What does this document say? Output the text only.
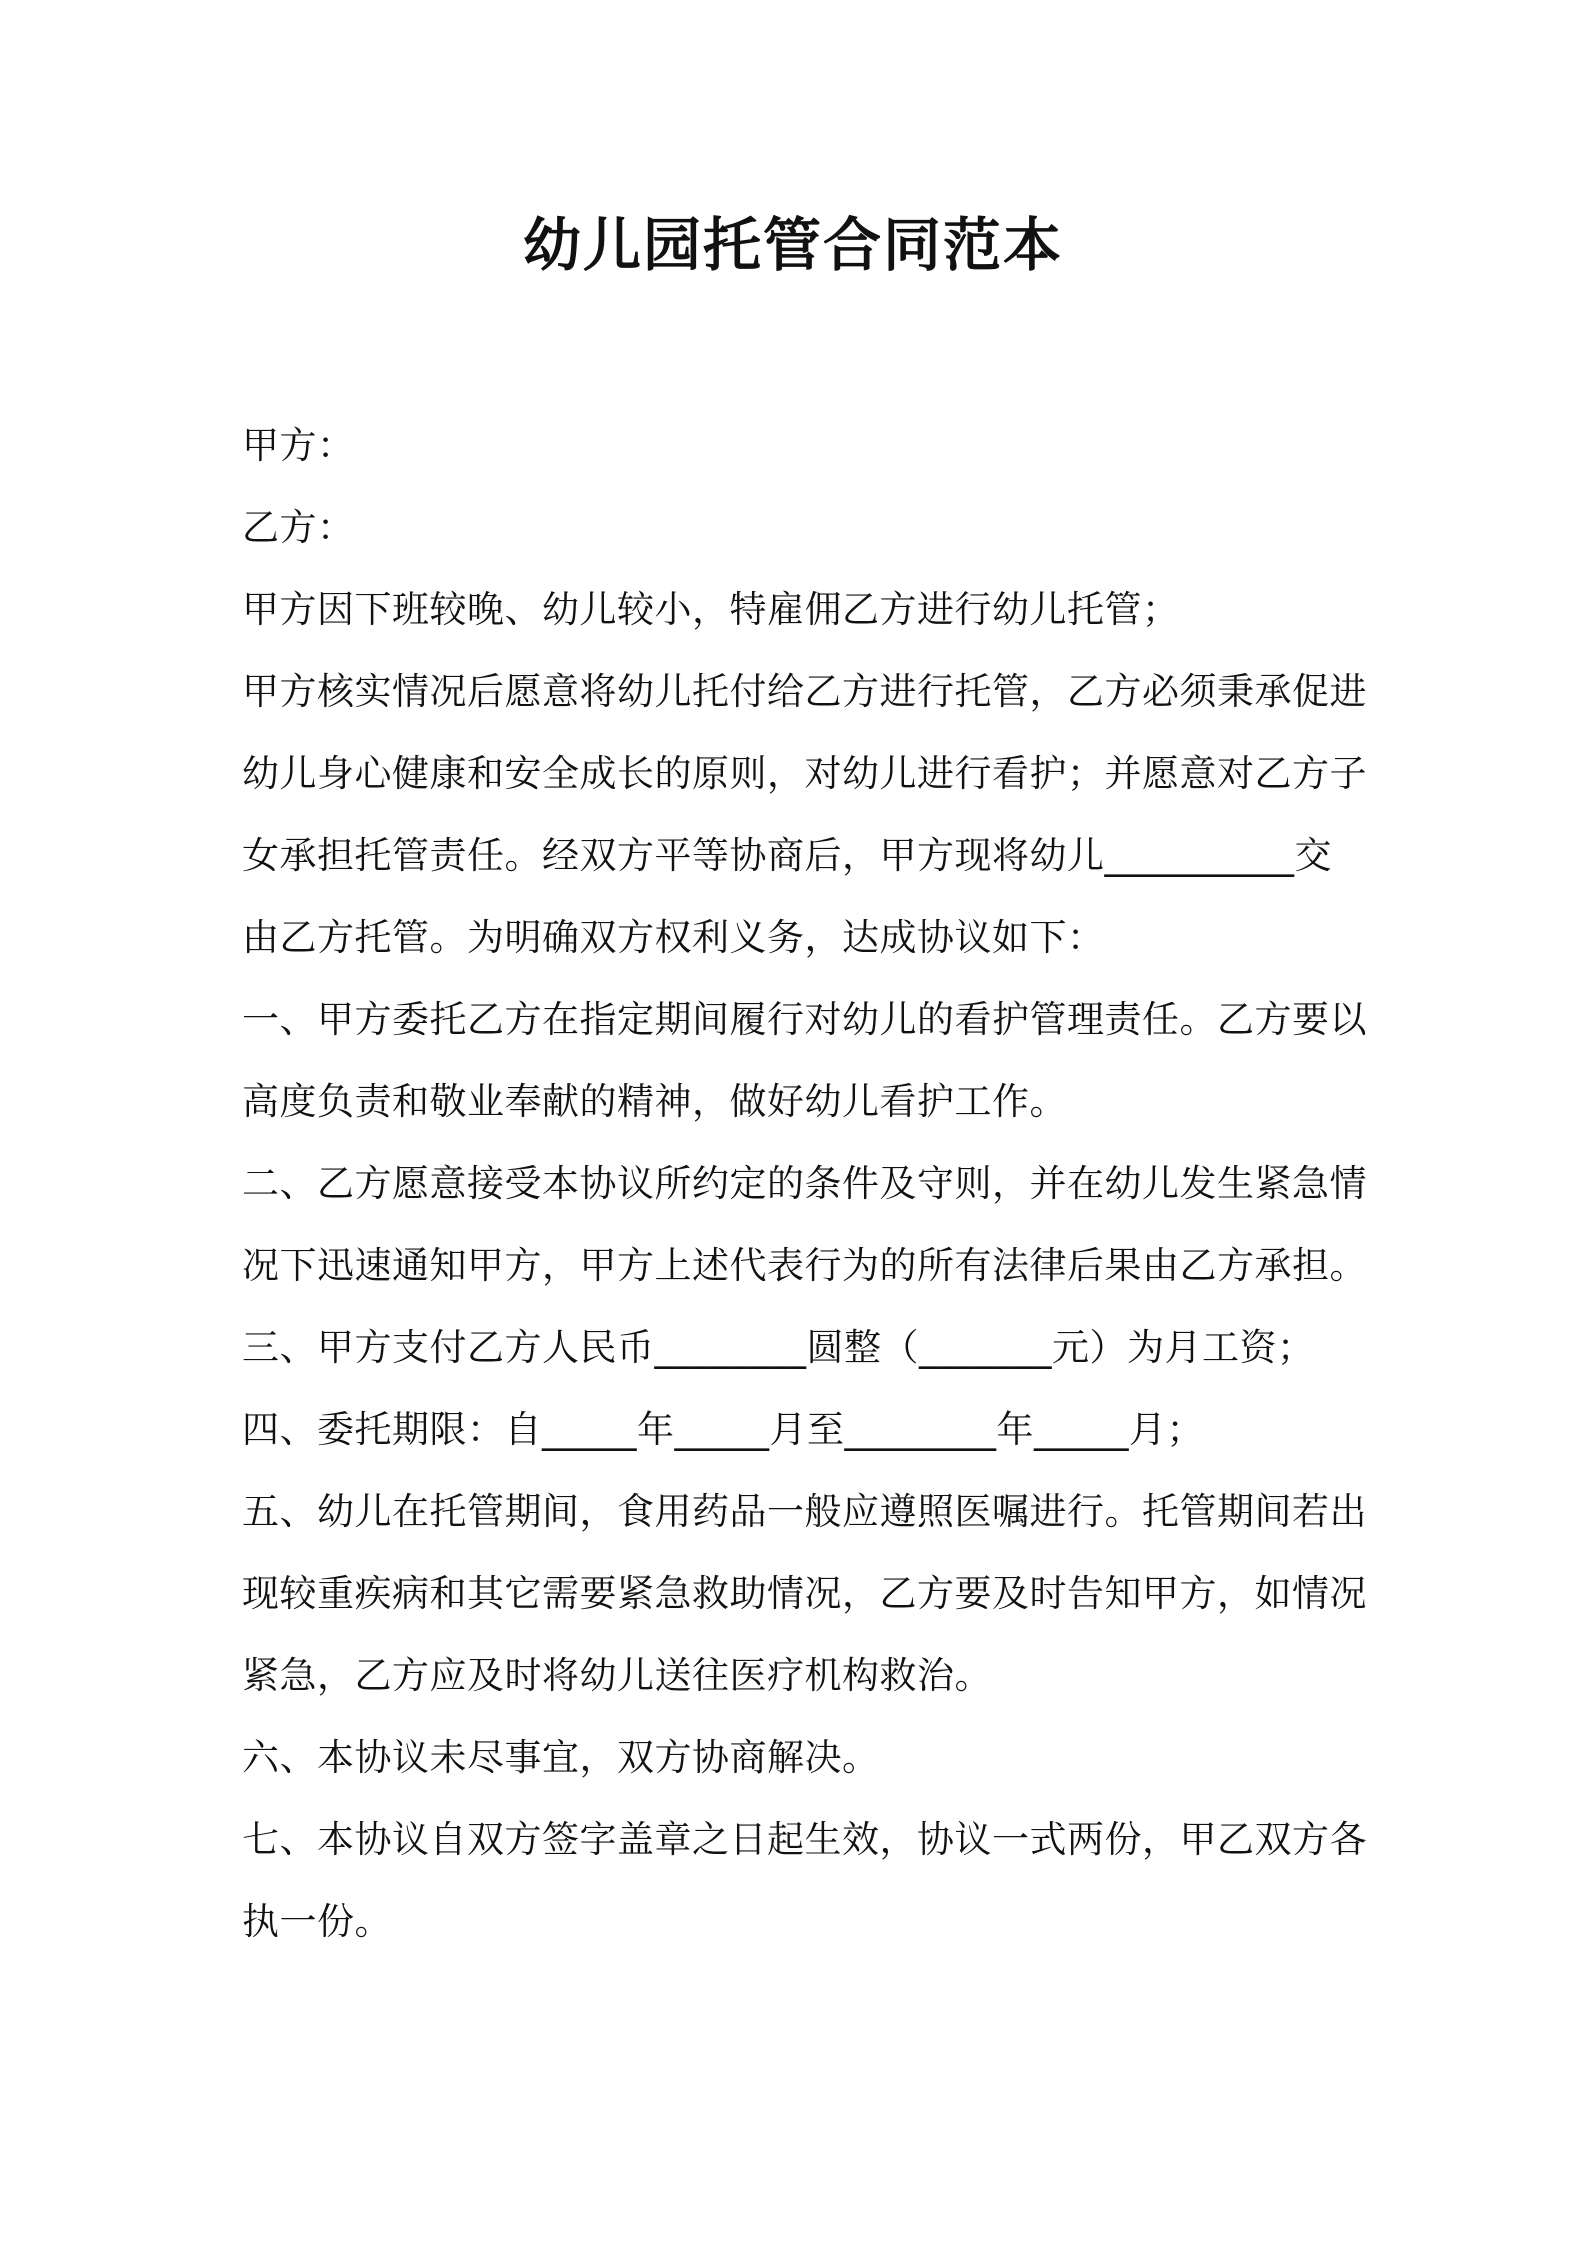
幼儿园托管合同范本
甲方：
乙方：
甲方因下班较晚、幼儿较小，特雇佣乙方进行幼儿托管；
甲方核实情况后愿意将幼儿托付给乙方进行托管，乙方必须秉承促进
幼儿身心健康和安全成长的原则，对幼儿进行看护；并愿意对乙方子
女承担托管责任。经双方平等协商后，甲方现将幼儿__________交
由乙方托管。为明确双方权利义务，达成协议如下：
一、甲方委托乙方在指定期间履行对幼儿的看护管理责任。乙方要以
高度负责和敬业奉献的精神，做好幼儿看护工作。
二、乙方愿意接受本协议所约定的条件及守则，并在幼儿发生紧急情
况下迅速通知甲方，甲方上述代表行为的所有法律后果由乙方承担。
三、甲方支付乙方人民币________圆整（_______元）为月工资；
四、委托期限：自_____年_____月至________年_____月；
五、幼儿在托管期间，食用药品一般应遵照医嘱进行。托管期间若出
现较重疾病和其它需要紧急救助情况，乙方要及时告知甲方，如情况
紧急，乙方应及时将幼儿送往医疗机构救治。
六、本协议未尽事宜，双方协商解决。
七、本协议自双方签字盖章之日起生效，协议一式两份，甲乙双方各
执一份。
